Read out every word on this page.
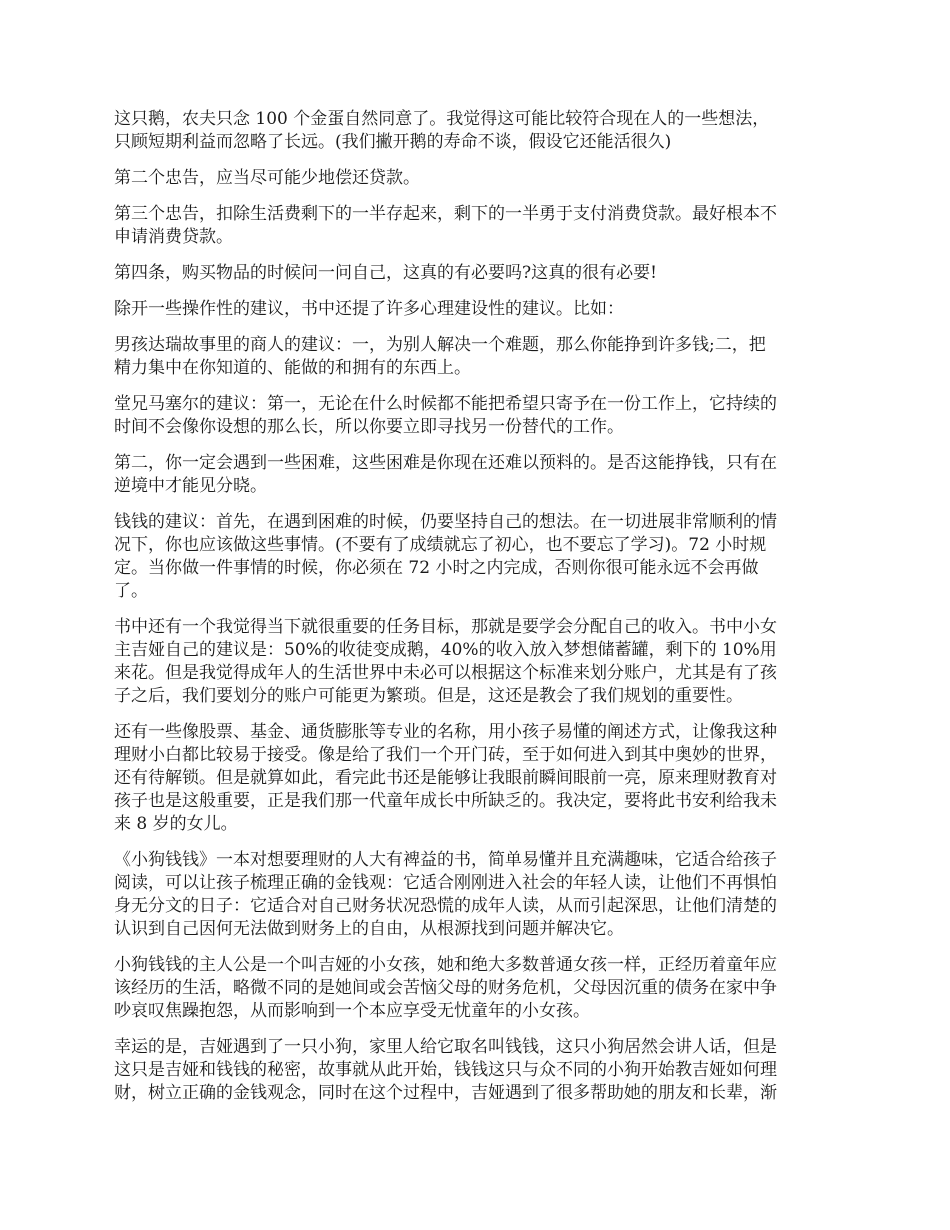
这只鹅，农夫只念 100 个金蛋自然同意了。我觉得这可能比较符合现在人的一些想法，
只顾短期利益而忽略了长远。(我们撇开鹅的寿命不谈，假设它还能活很久)

第二个忠告，应当尽可能少地偿还贷款。

第三个忠告，扣除生活费剩下的一半存起来，剩下的一半勇于支付消费贷款。最好根本不
申请消费贷款。

第四条，购买物品的时候问一问自己，这真的有必要吗?这真的很有必要!

除开一些操作性的建议，书中还提了许多心理建设性的建议。比如：

男孩达瑞故事里的商人的建议：一，为别人解决一个难题，那么你能挣到许多钱;二，把
精力集中在你知道的、能做的和拥有的东西上。

堂兄马塞尔的建议：第一，无论在什么时候都不能把希望只寄予在一份工作上，它持续的
时间不会像你设想的那么长，所以你要立即寻找另一份替代的工作。

第二，你一定会遇到一些困难，这些困难是你现在还难以预料的。是否这能挣钱，只有在
逆境中才能见分晓。

钱钱的建议：首先，在遇到困难的时候，仍要坚持自己的想法。在一切进展非常顺利的情
况下，你也应该做这些事情。(不要有了成绩就忘了初心，也不要忘了学习)。72 小时规
定。当你做一件事情的时候，你必须在 72 小时之内完成，否则你很可能永远不会再做
了。

书中还有一个我觉得当下就很重要的任务目标，那就是要学会分配自己的收入。书中小女
主吉娅自己的建议是：50%的收徒变成鹅，40%的收入放入梦想储蓄罐，剩下的 10%用
来花。但是我觉得成年人的生活世界中未必可以根据这个标准来划分账户，尤其是有了孩
子之后，我们要划分的账户可能更为繁琐。但是，这还是教会了我们规划的重要性。

还有一些像股票、基金、通货膨胀等专业的名称，用小孩子易懂的阐述方式，让像我这种
理财小白都比较易于接受。像是给了我们一个开门砖，至于如何进入到其中奥妙的世界，
还有待解锁。但是就算如此，看完此书还是能够让我眼前瞬间眼前一亮，原来理财教育对
孩子也是这般重要，正是我们那一代童年成长中所缺乏的。我决定，要将此书安利给我未
来 8 岁的女儿。

《小狗钱钱》一本对想要理财的人大有裨益的书，简单易懂并且充满趣味，它适合给孩子
阅读，可以让孩子梳理正确的金钱观：它适合刚刚进入社会的年轻人读，让他们不再惧怕
身无分文的日子：它适合对自己财务状况恐慌的成年人读，从而引起深思，让他们清楚的
认识到自己因何无法做到财务上的自由，从根源找到问题并解决它。

小狗钱钱的主人公是一个叫吉娅的小女孩，她和绝大多数普通女孩一样，正经历着童年应
该经历的生活，略微不同的是她间或会苦恼父母的财务危机，父母因沉重的债务在家中争
吵哀叹焦躁抱怨，从而影响到一个本应享受无忧童年的小女孩。

幸运的是，吉娅遇到了一只小狗，家里人给它取名叫钱钱，这只小狗居然会讲人话，但是
这只是吉娅和钱钱的秘密，故事就从此开始，钱钱这只与众不同的小狗开始教吉娅如何理
财，树立正确的金钱观念，同时在这个过程中，吉娅遇到了很多帮助她的朋友和长辈，渐
